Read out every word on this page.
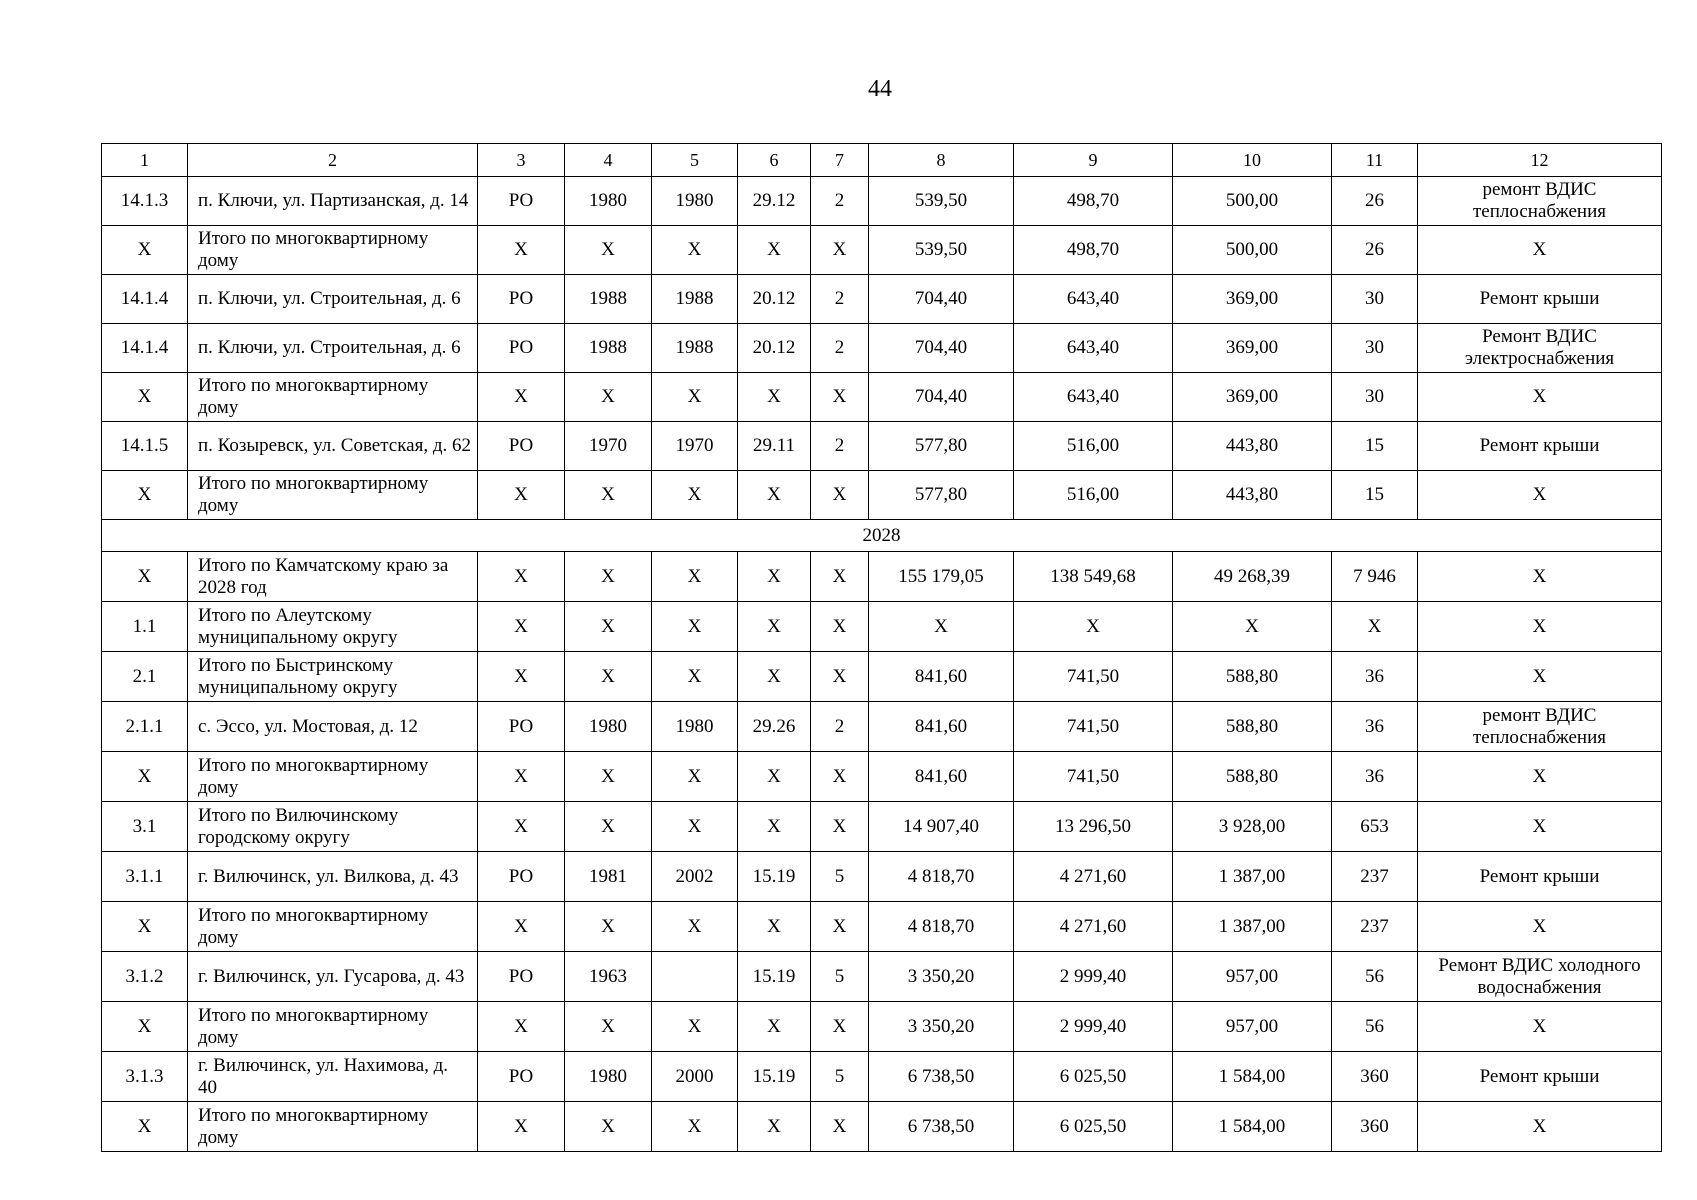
44
1	2	3	4	5	6	7	8	9	10	11	12
14.1.3	п. Ключи, ул. Партизанская, д. 14	РО	1980	1980	29.12	2	539,50	498,70	500,00	26	ремонт ВДИС теплоснабжения
Х	Итого по многоквартирному дому	Х	Х	Х	Х	Х	539,50	498,70	500,00	26	Х
14.1.4	п. Ключи, ул. Строительная, д. 6	РО	1988	1988	20.12	2	704,40	643,40	369,00	30	Ремонт крыши
14.1.4	п. Ключи, ул. Строительная, д. 6	РО	1988	1988	20.12	2	704,40	643,40	369,00	30	Ремонт ВДИС электроснабжения
Х	Итого по многоквартирному дому	Х	Х	Х	Х	Х	704,40	643,40	369,00	30	Х
14.1.5	п. Козыревск, ул. Советская, д. 62	РО	1970	1970	29.11	2	577,80	516,00	443,80	15	Ремонт крыши
Х	Итого по многоквартирному дому	Х	Х	Х	Х	Х	577,80	516,00	443,80	15	Х
2028											
Х	Итого по Камчатскому краю за 2028 год	Х	Х	Х	Х	Х	155 179,05	138 549,68	49 268,39	7 946	Х
1.1	Итого по Алеутскому муниципальному округу	Х	Х	Х	Х	Х	Х	Х	Х	Х	Х
2.1	Итого по Быстринскому муниципальному округу	Х	Х	Х	Х	Х	841,60	741,50	588,80	36	Х
2.1.1	с. Эссо, ул. Мостовая, д. 12	РО	1980	1980	29.26	2	841,60	741,50	588,80	36	ремонт ВДИС теплоснабжения
Х	Итого по многоквартирному дому	Х	Х	Х	Х	Х	841,60	741,50	588,80	36	Х
3.1	Итого по Вилючинскому городскому округу	Х	Х	Х	Х	Х	14 907,40	13 296,50	3 928,00	653	Х
3.1.1	г. Вилючинск, ул. Вилкова, д. 43	РО	1981	2002	15.19	5	4 818,70	4 271,60	1 387,00	237	Ремонт крыши
Х	Итого по многоквартирному дому	Х	Х	Х	Х	Х	4 818,70	4 271,60	1 387,00	237	Х
3.1.2	г. Вилючинск, ул. Гусарова, д. 43	РО	1963		15.19	5	3 350,20	2 999,40	957,00	56	Ремонт ВДИС холодного водоснабжения
Х	Итого по многоквартирному дому	Х	Х	Х	Х	Х	3 350,20	2 999,40	957,00	56	Х
3.1.3	г. Вилючинск, ул. Нахимова, д. 40	РО	1980	2000	15.19	5	6 738,50	6 025,50	1 584,00	360	Ремонт крыши
Х	Итого по многоквартирному дому	Х	Х	Х	Х	Х	6 738,50	6 025,50	1 584,00	360	Х
